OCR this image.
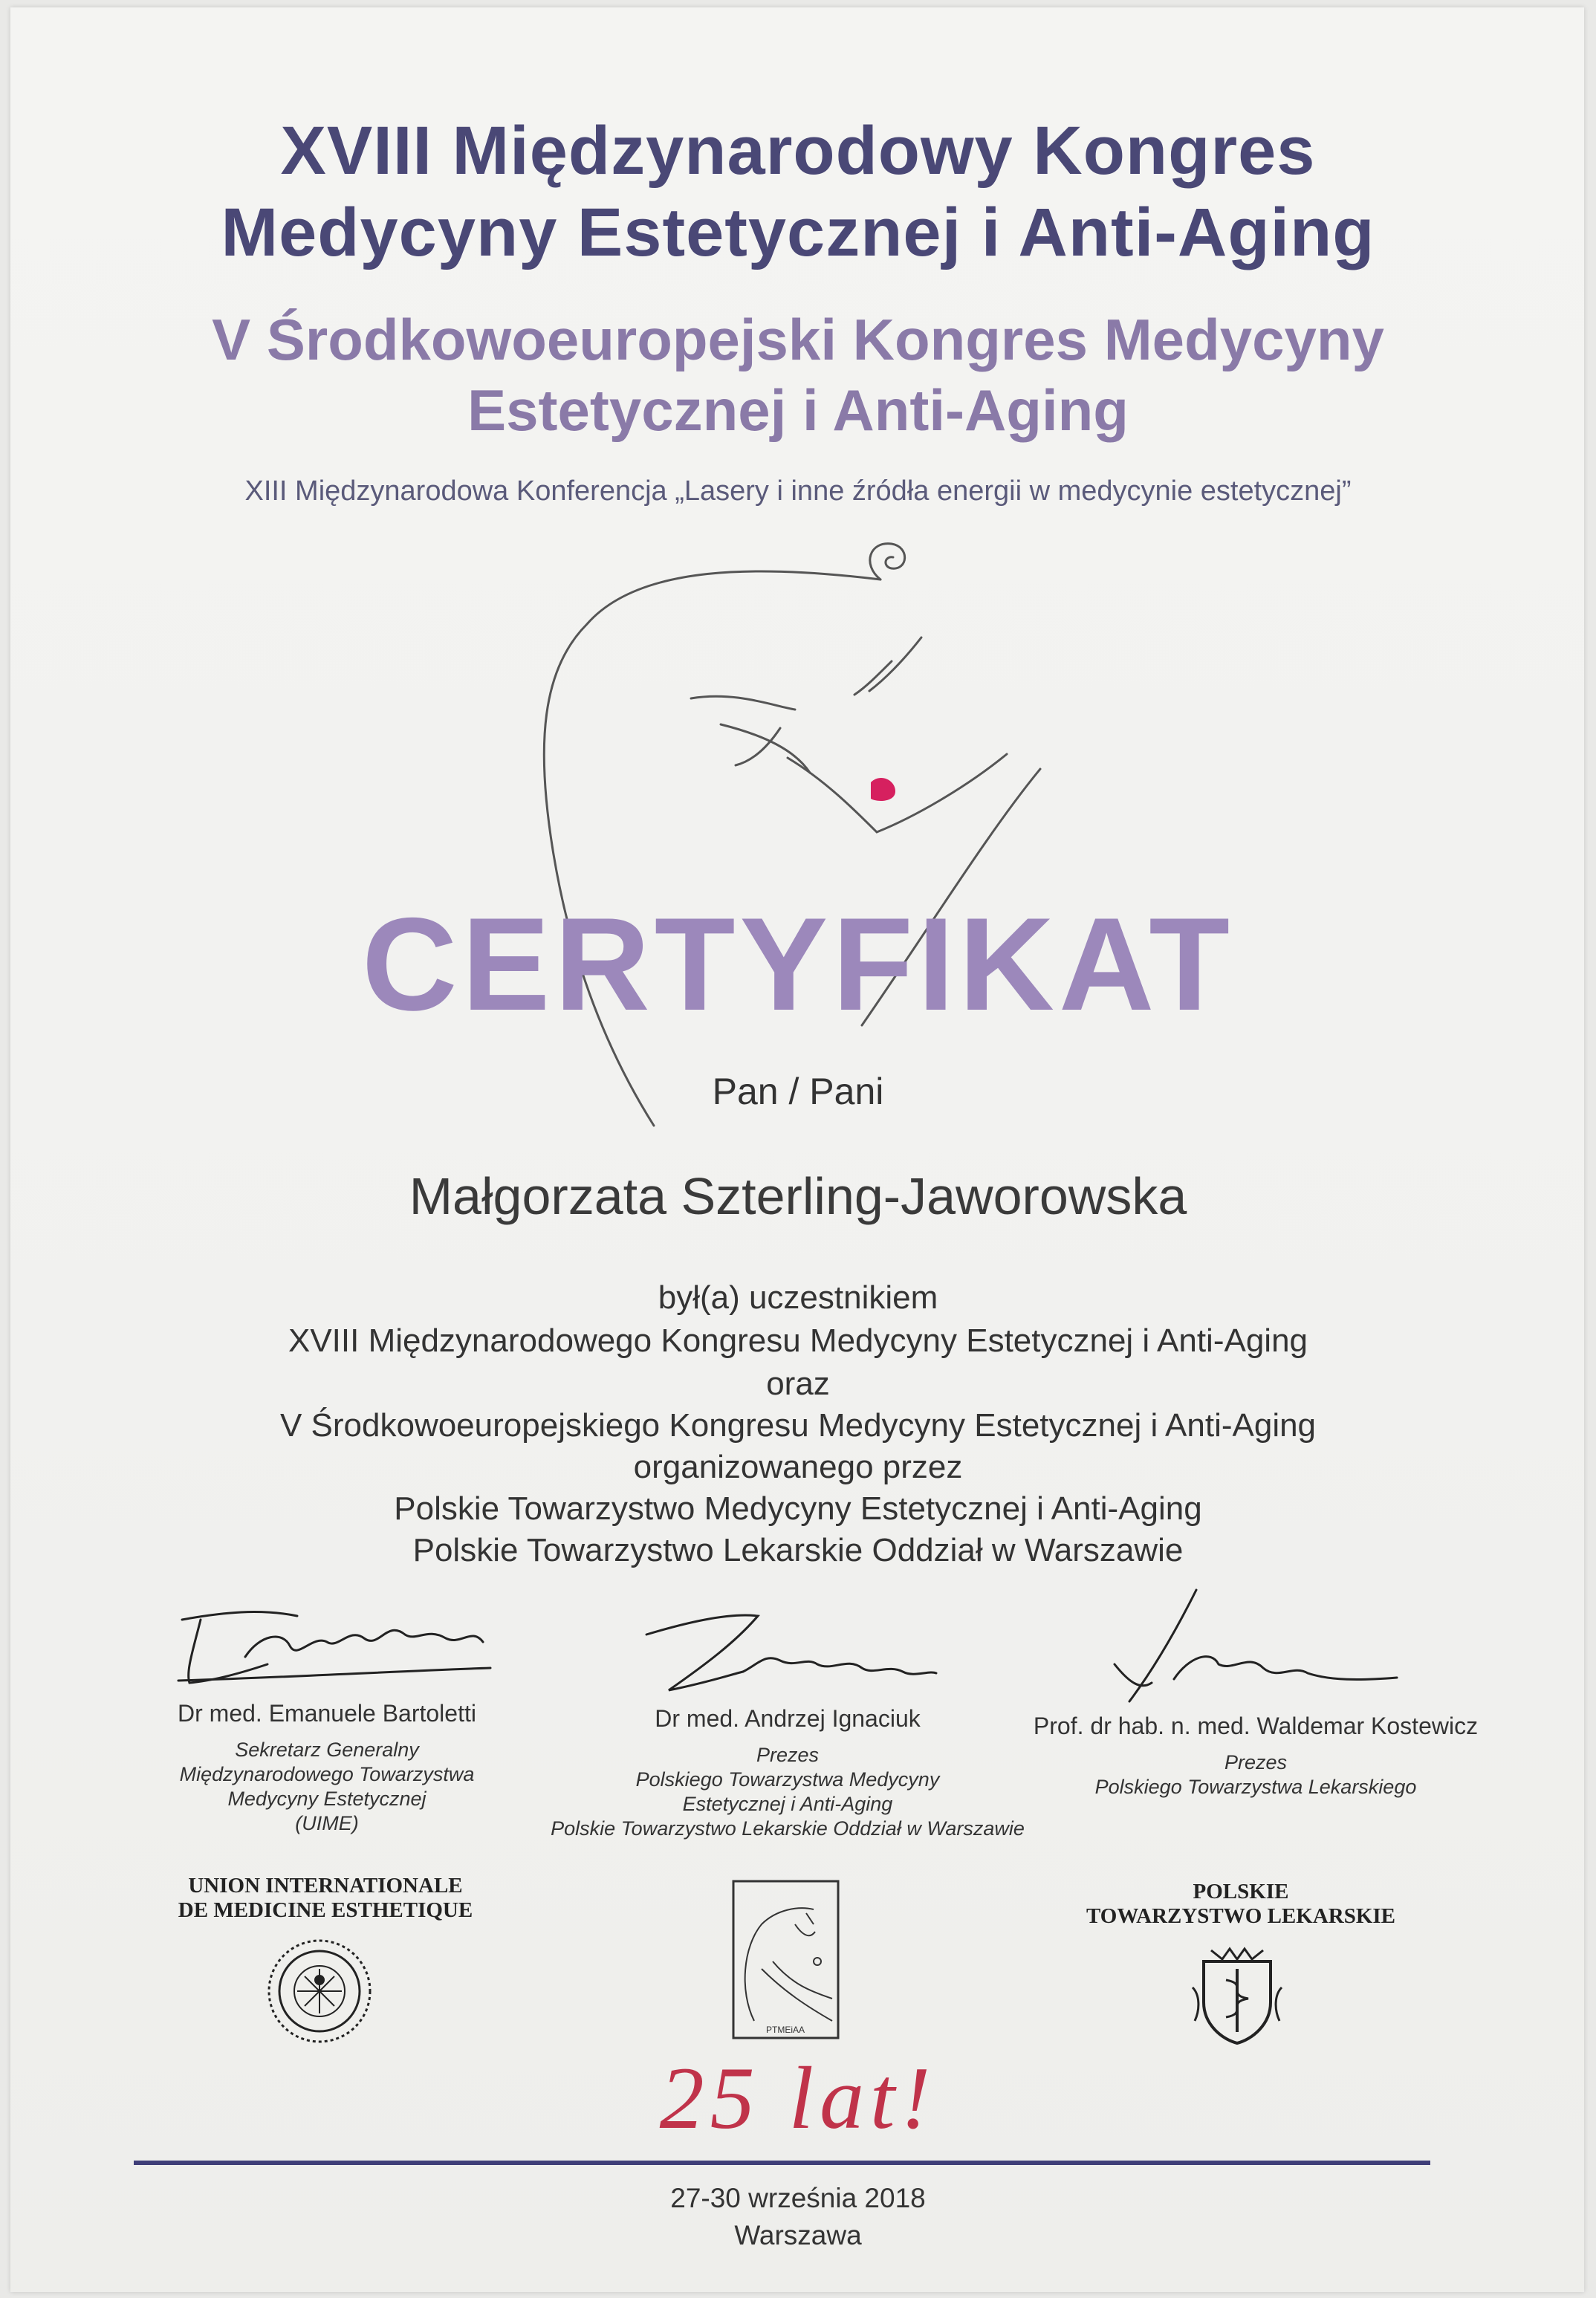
XVIII Międzynarodowy Kongres
Medycyny Estetycznej i Anti-Aging
V Środkowoeuropejski Kongres Medycyny
Estetycznej i Anti-Aging
XIII Międzynarodowa Konferencja „Lasery i inne źródła energii w medycynie estetycznej”
CERTYFIKAT
Pan / Pani
Małgorzata Szterling-Jaworowska
był(a) uczestnikiem
XVIII Międzynarodowego Kongresu Medycyny Estetycznej i Anti-Aging
oraz
V Środkowoeuropejskiego Kongresu Medycyny Estetycznej i Anti-Aging
organizowanego przez
Polskie Towarzystwo Medycyny Estetycznej i Anti-Aging
Polskie Towarzystwo Lekarskie Oddział w Warszawie
Dr med. Emanuele Bartoletti
Sekretarz Generalny
Międzynarodowego Towarzystwa
Medycyny Estetycznej
(UIME)
Dr med. Andrzej Ignaciuk
Prezes
Polskiego Towarzystwa Medycyny
Estetycznej i Anti-Aging
Polskie Towarzystwo Lekarskie Oddział w Warszawie
Prof. dr hab. n. med. Waldemar Kostewicz
Prezes
Polskiego Towarzystwa Lekarskiego
UNION INTERNATIONALE
DE MEDICINE ESTHETIQUE
PTMEiAA
POLSKIE
TOWARZYSTWO LEKARSKIE
25 lat!
27-30 września 2018
Warszawa
